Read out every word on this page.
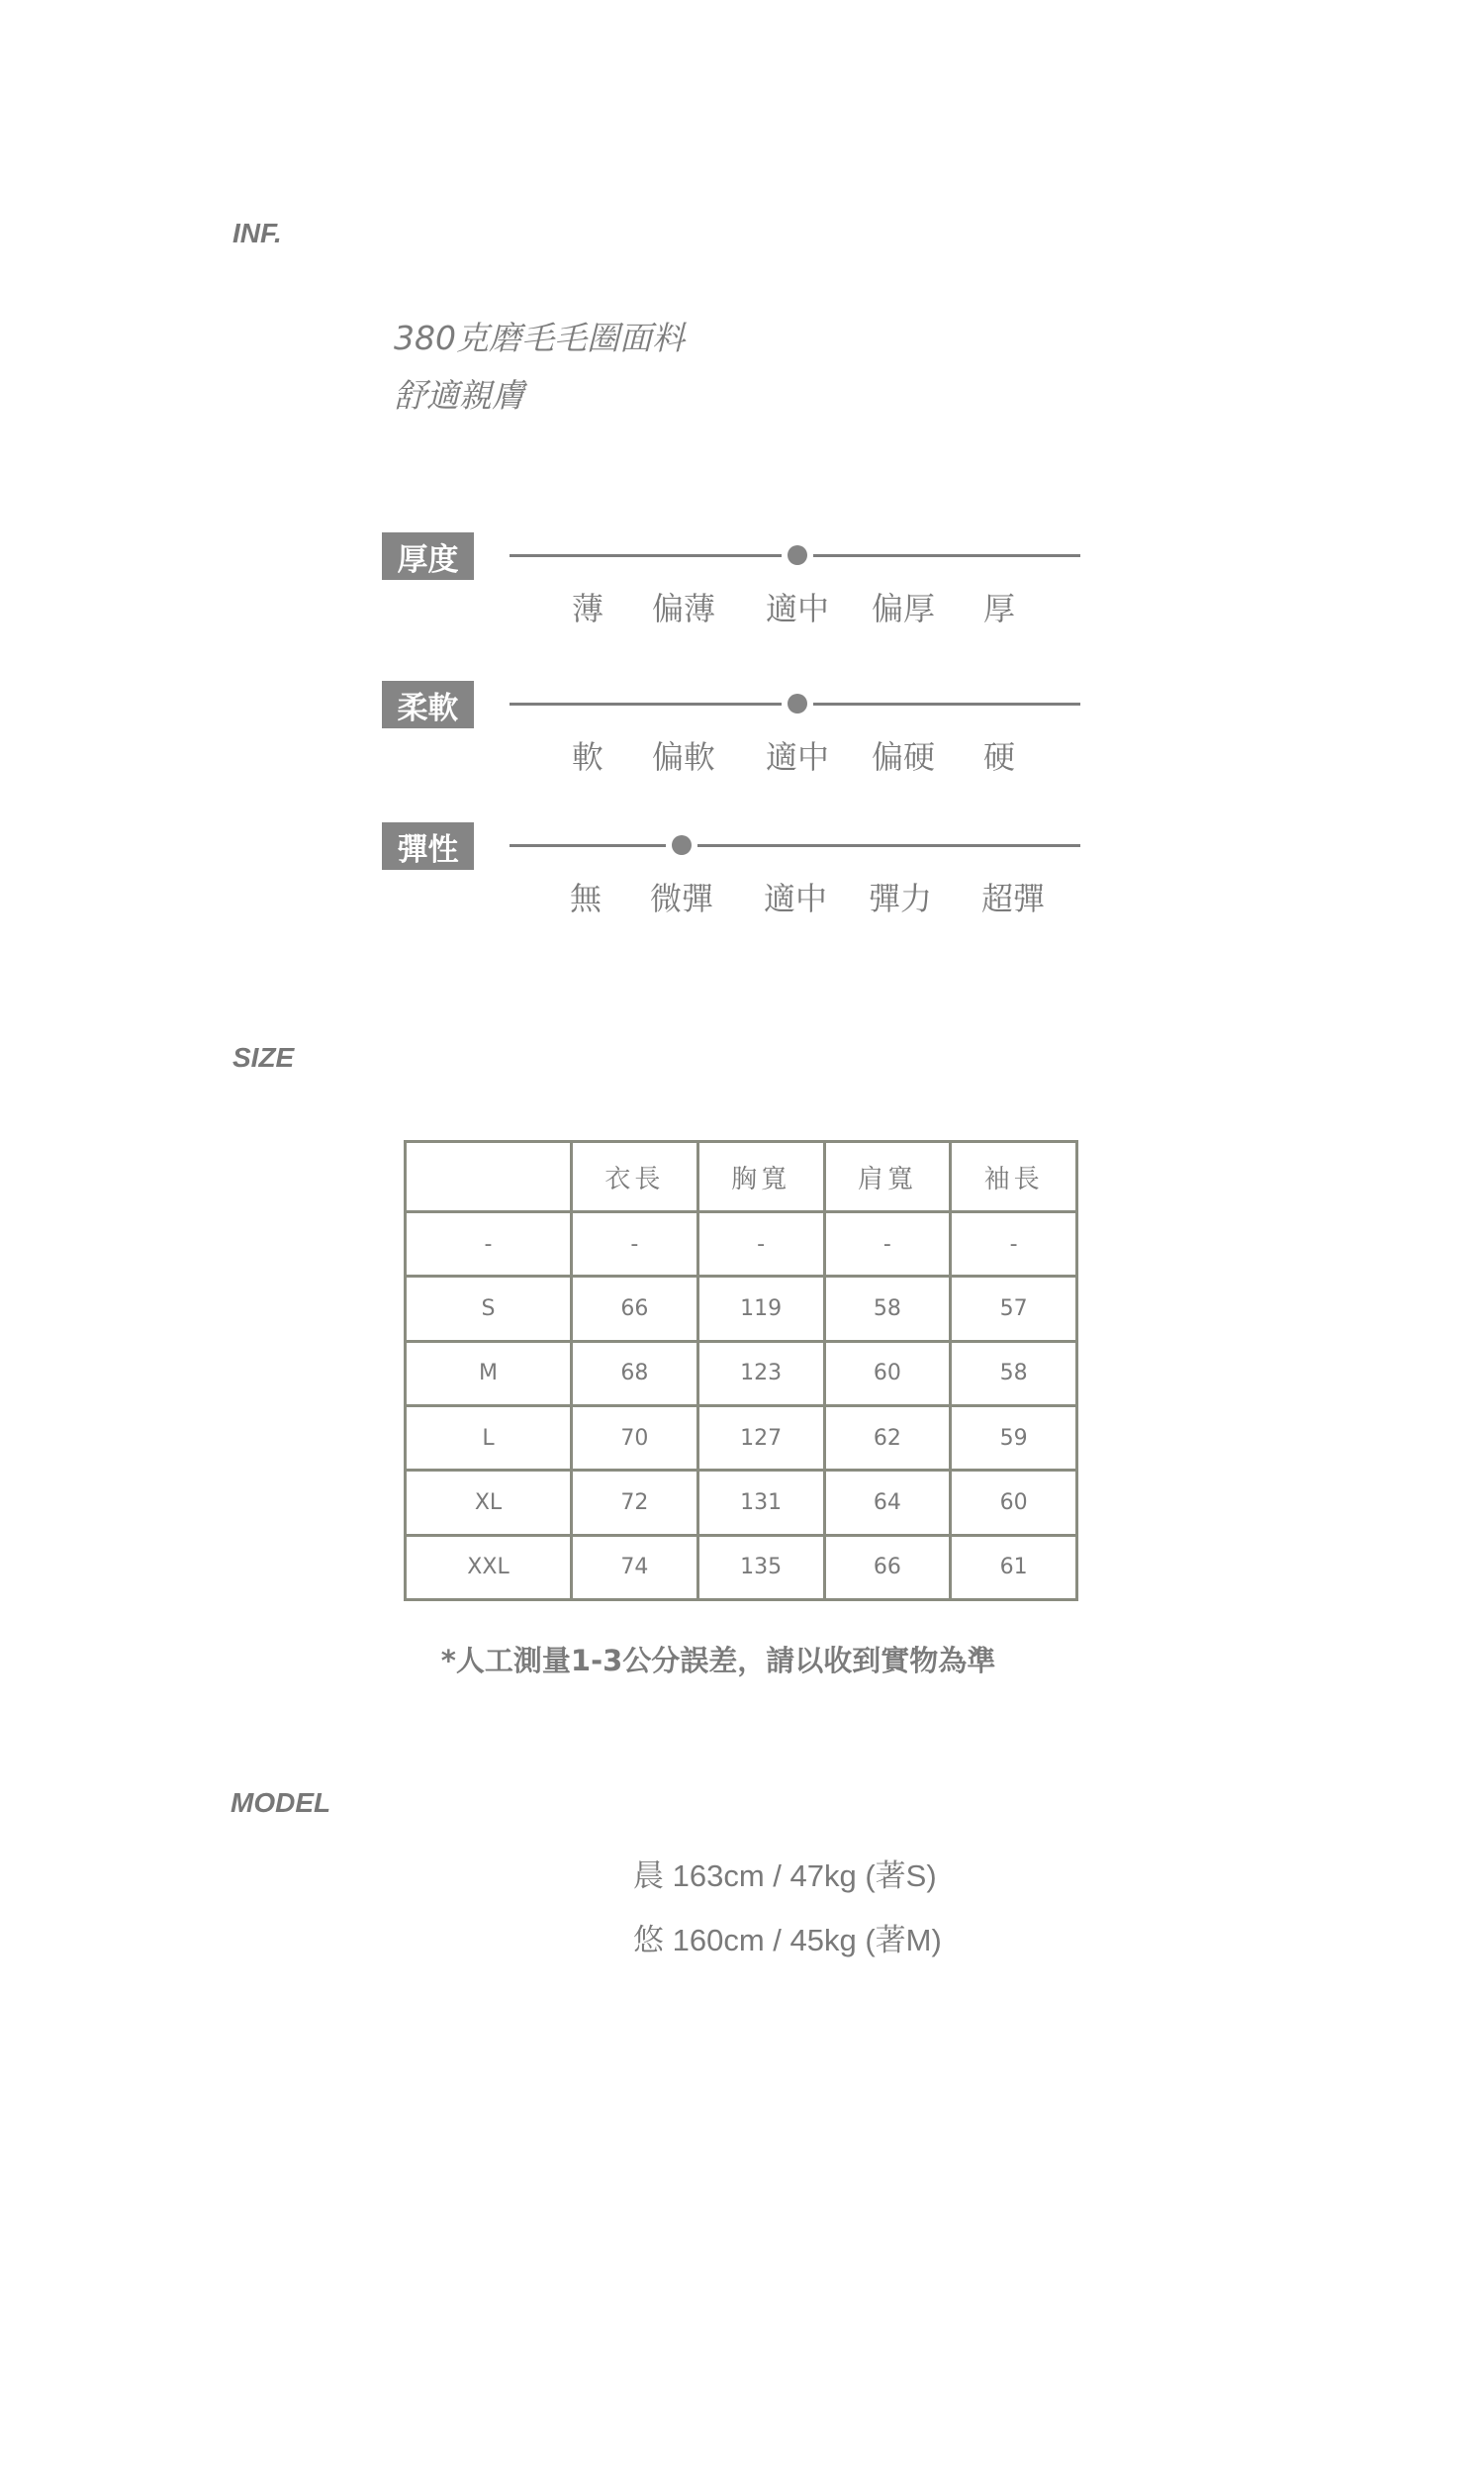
INF.
380克磨毛毛圈面料
舒適親膚
厚度
薄 偏薄 適中 偏厚 厚
柔軟
軟 偏軟 適中 偏硬 硬
彈性
無 微彈 適中 彈力 超彈
SIZE
	衣長	胸寬	肩寬	袖長
-	-	-	-	-
S	66	119	58	57
M	68	123	60	58
L	70	127	62	59
XL	72	131	64	60
XXL	74	135	66	61
*人工測量1-3公分誤差，請以收到實物為準
MODEL
晨 163cm / 47kg (著S)
悠 160cm / 45kg (著M)
